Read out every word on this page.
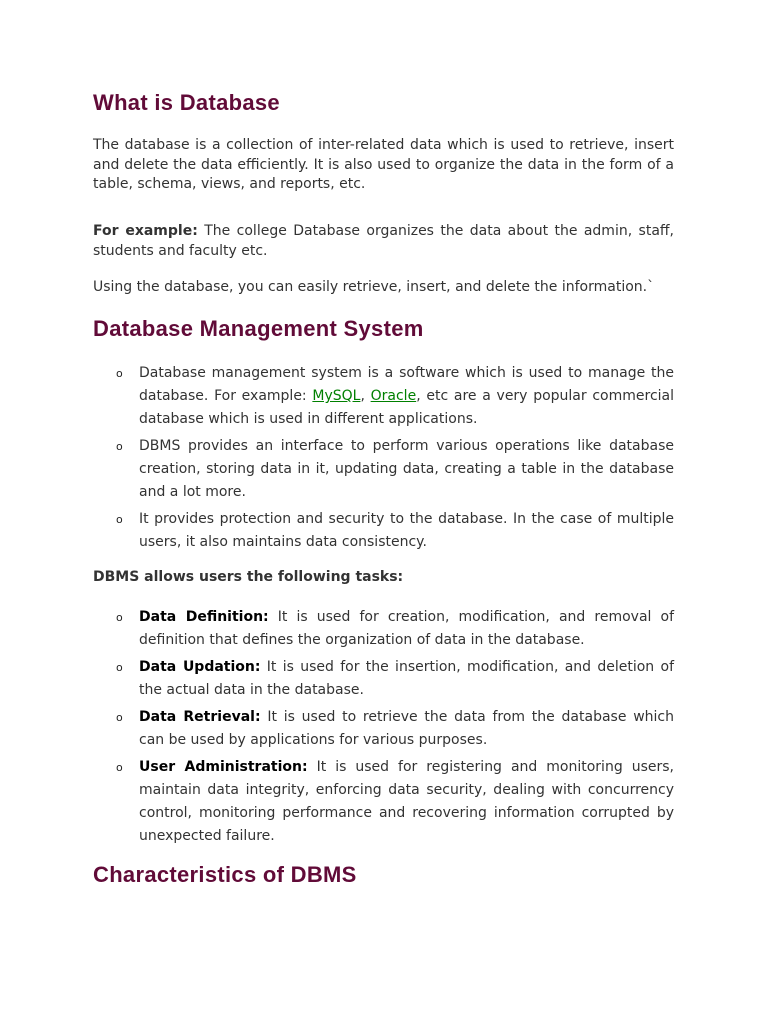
What is Database

The database is a collection of inter-related data which is used to retrieve, insert and delete the data efficiently. It is also used to organize the data in the form of a table, schema, views, and reports, etc.

For example: The college Database organizes the data about the admin, staff, students and faculty etc.

Using the database, you can easily retrieve, insert, and delete the information.`

Database Management System
o Database management system is a software which is used to manage the database. For example: MySQL, Oracle, etc are a very popular commercial database which is used in different applications.
o DBMS provides an interface to perform various operations like database creation, storing data in it, updating data, creating a table in the database and a lot more.
o It provides protection and security to the database. In the case of multiple users, it also maintains data consistency.

DBMS allows users the following tasks:

o Data Definition: It is used for creation, modification, and removal of definition that defines the organization of data in the database.
o Data Updation: It is used for the insertion, modification, and deletion of the actual data in the database.
o Data Retrieval: It is used to retrieve the data from the database which can be used by applications for various purposes.
o User Administration: It is used for registering and monitoring users, maintain data integrity, enforcing data security, dealing with concurrency control, monitoring performance and recovering information corrupted by unexpected failure.
Characteristics of DBMS
